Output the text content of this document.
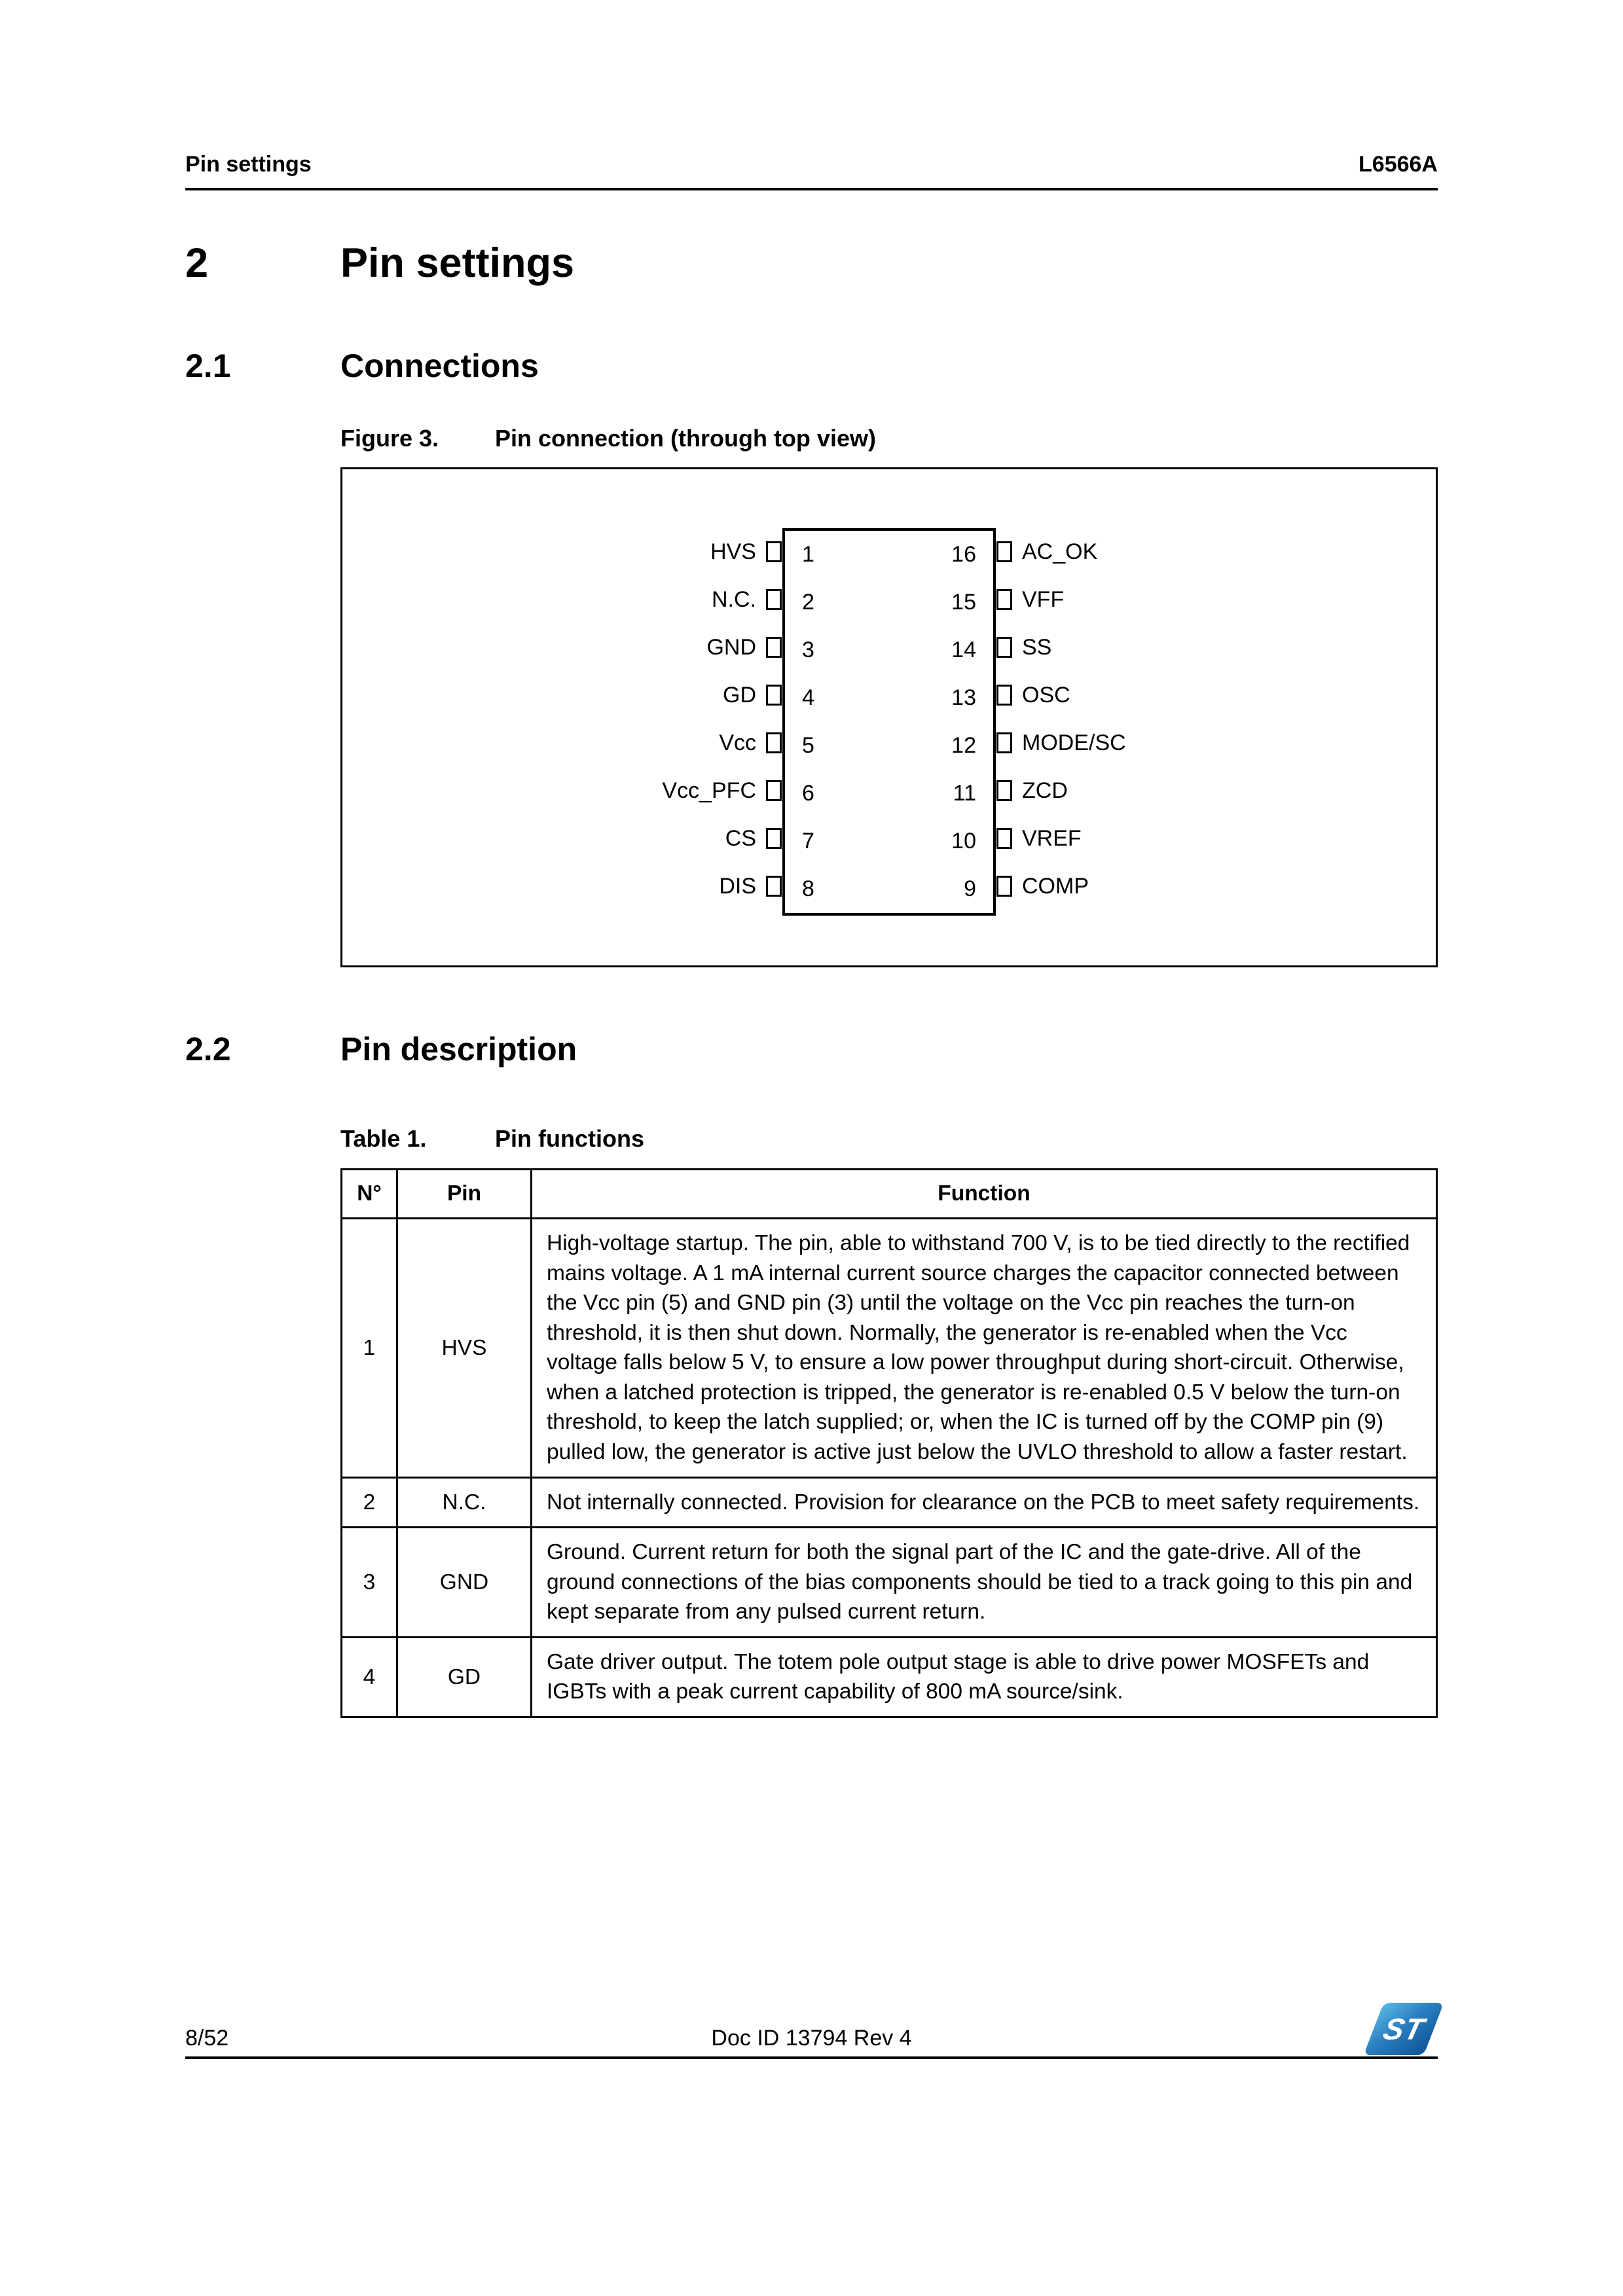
Pin settings	L6566A
2	Pin settings
2.1	Connections
Figure 3.	Pin connection (through top view)
HVS
N.C.
GND
GD
Vcc
Vcc_PFC
CS
DIS
1	16
2	15
3	14
4	13
5	12
6	11
7	10
8	9
AC_OK
VFF
SS
OSC
MODE/SC
ZCD
VREF
COMP
2.2	Pin description
Table 1.	Pin functions
N°	Pin	Function
1	HVS	High-voltage startup. The pin, able to withstand 700 V, is to be tied directly to the rectified mains voltage. A 1 mA internal current source charges the capacitor connected between the Vcc pin (5) and GND pin (3) until the voltage on the Vcc pin reaches the turn-on threshold, it is then shut down. Normally, the generator is re-enabled when the Vcc voltage falls below 5 V, to ensure a low power throughput during short-circuit. Otherwise, when a latched protection is tripped, the generator is re-enabled 0.5 V below the turn-on threshold, to keep the latch supplied; or, when the IC is turned off by the COMP pin (9) pulled low, the generator is active just below the UVLO threshold to allow a faster restart.
2	N.C.	Not internally connected. Provision for clearance on the PCB to meet safety requirements.
3	GND	Ground. Current return for both the signal part of the IC and the gate-drive. All of the ground connections of the bias components should be tied to a track going to this pin and kept separate from any pulsed current return.
4	GD	Gate driver output. The totem pole output stage is able to drive power MOSFETs and IGBTs with a peak current capability of 800 mA source/sink.
8/52	Doc ID 13794 Rev 4	ST
